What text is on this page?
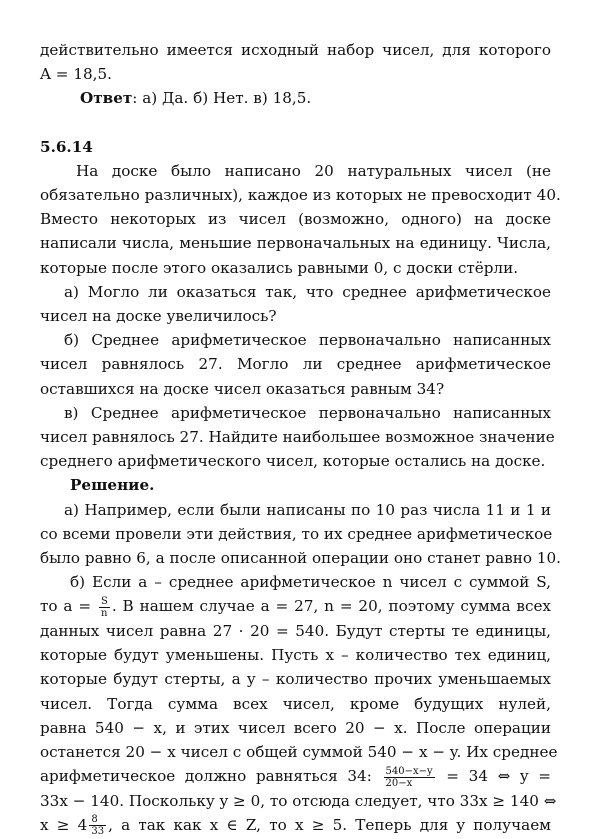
действительно имеется исходный набор чисел, для которого
A = 18,5.
Ответ: а) Да. б) Нет. в) 18,5.
5.6.14
На доске было написано 20 натуральных чисел (не
обязательно различных), каждое из которых не превосходит 40.
Вместо некоторых из чисел (возможно, одного) на доске
написали числа, меньшие первоначальных на единицу. Числа,
которые после этого оказались равными 0, с доски стёрли.
а) Могло ли оказаться так, что среднее арифметическое
чисел на доске увеличилось?
б) Среднее арифметическое первоначально написанных
чисел равнялось 27. Могло ли среднее арифметическое
оставшихся на доске чисел оказаться равным 34?
в) Среднее арифметическое первоначально написанных
чисел равнялось 27. Найдите наибольшее возможное значение
среднего арифметического чисел, которые остались на доске.
Решение.
а) Например, если были написаны по 10 раз числа 11 и 1 и
со всеми провели эти действия, то их среднее арифметическое
было равно 6, а после описанной операции оно станет равно 10.
б) Если a – среднее арифметическое n чисел с суммой S,
то $a = \frac{S}{n}$ . В нашем случае a = 27, n = 20, поэтому сумма всех
данных чисел равна 27 · 20 = 540. Будут стерты те единицы,
которые будут уменьшены. Пусть x – количество тех единиц,
которые будут стерты, а y – количество прочих уменьшаемых
чисел. Тогда сумма всех чисел, кроме будущих нулей,
равна 540 − x, и этих чисел всего 20 − x. После операции
останется 20 − x чисел с общей суммой 540 − x − y. Их среднее
арифметическое должно равняться 34: $\frac{540-x-y}{20-x} = 34$ ⇔ y =
33x − 140. Поскольку y ≥ 0, то отсюда следует, что 33x ≥ 140 ⇔
$x \ge 4 \frac{8}{33}$ , а так как x ∈ Z, то x ≥ 5. Теперь для y получаем
